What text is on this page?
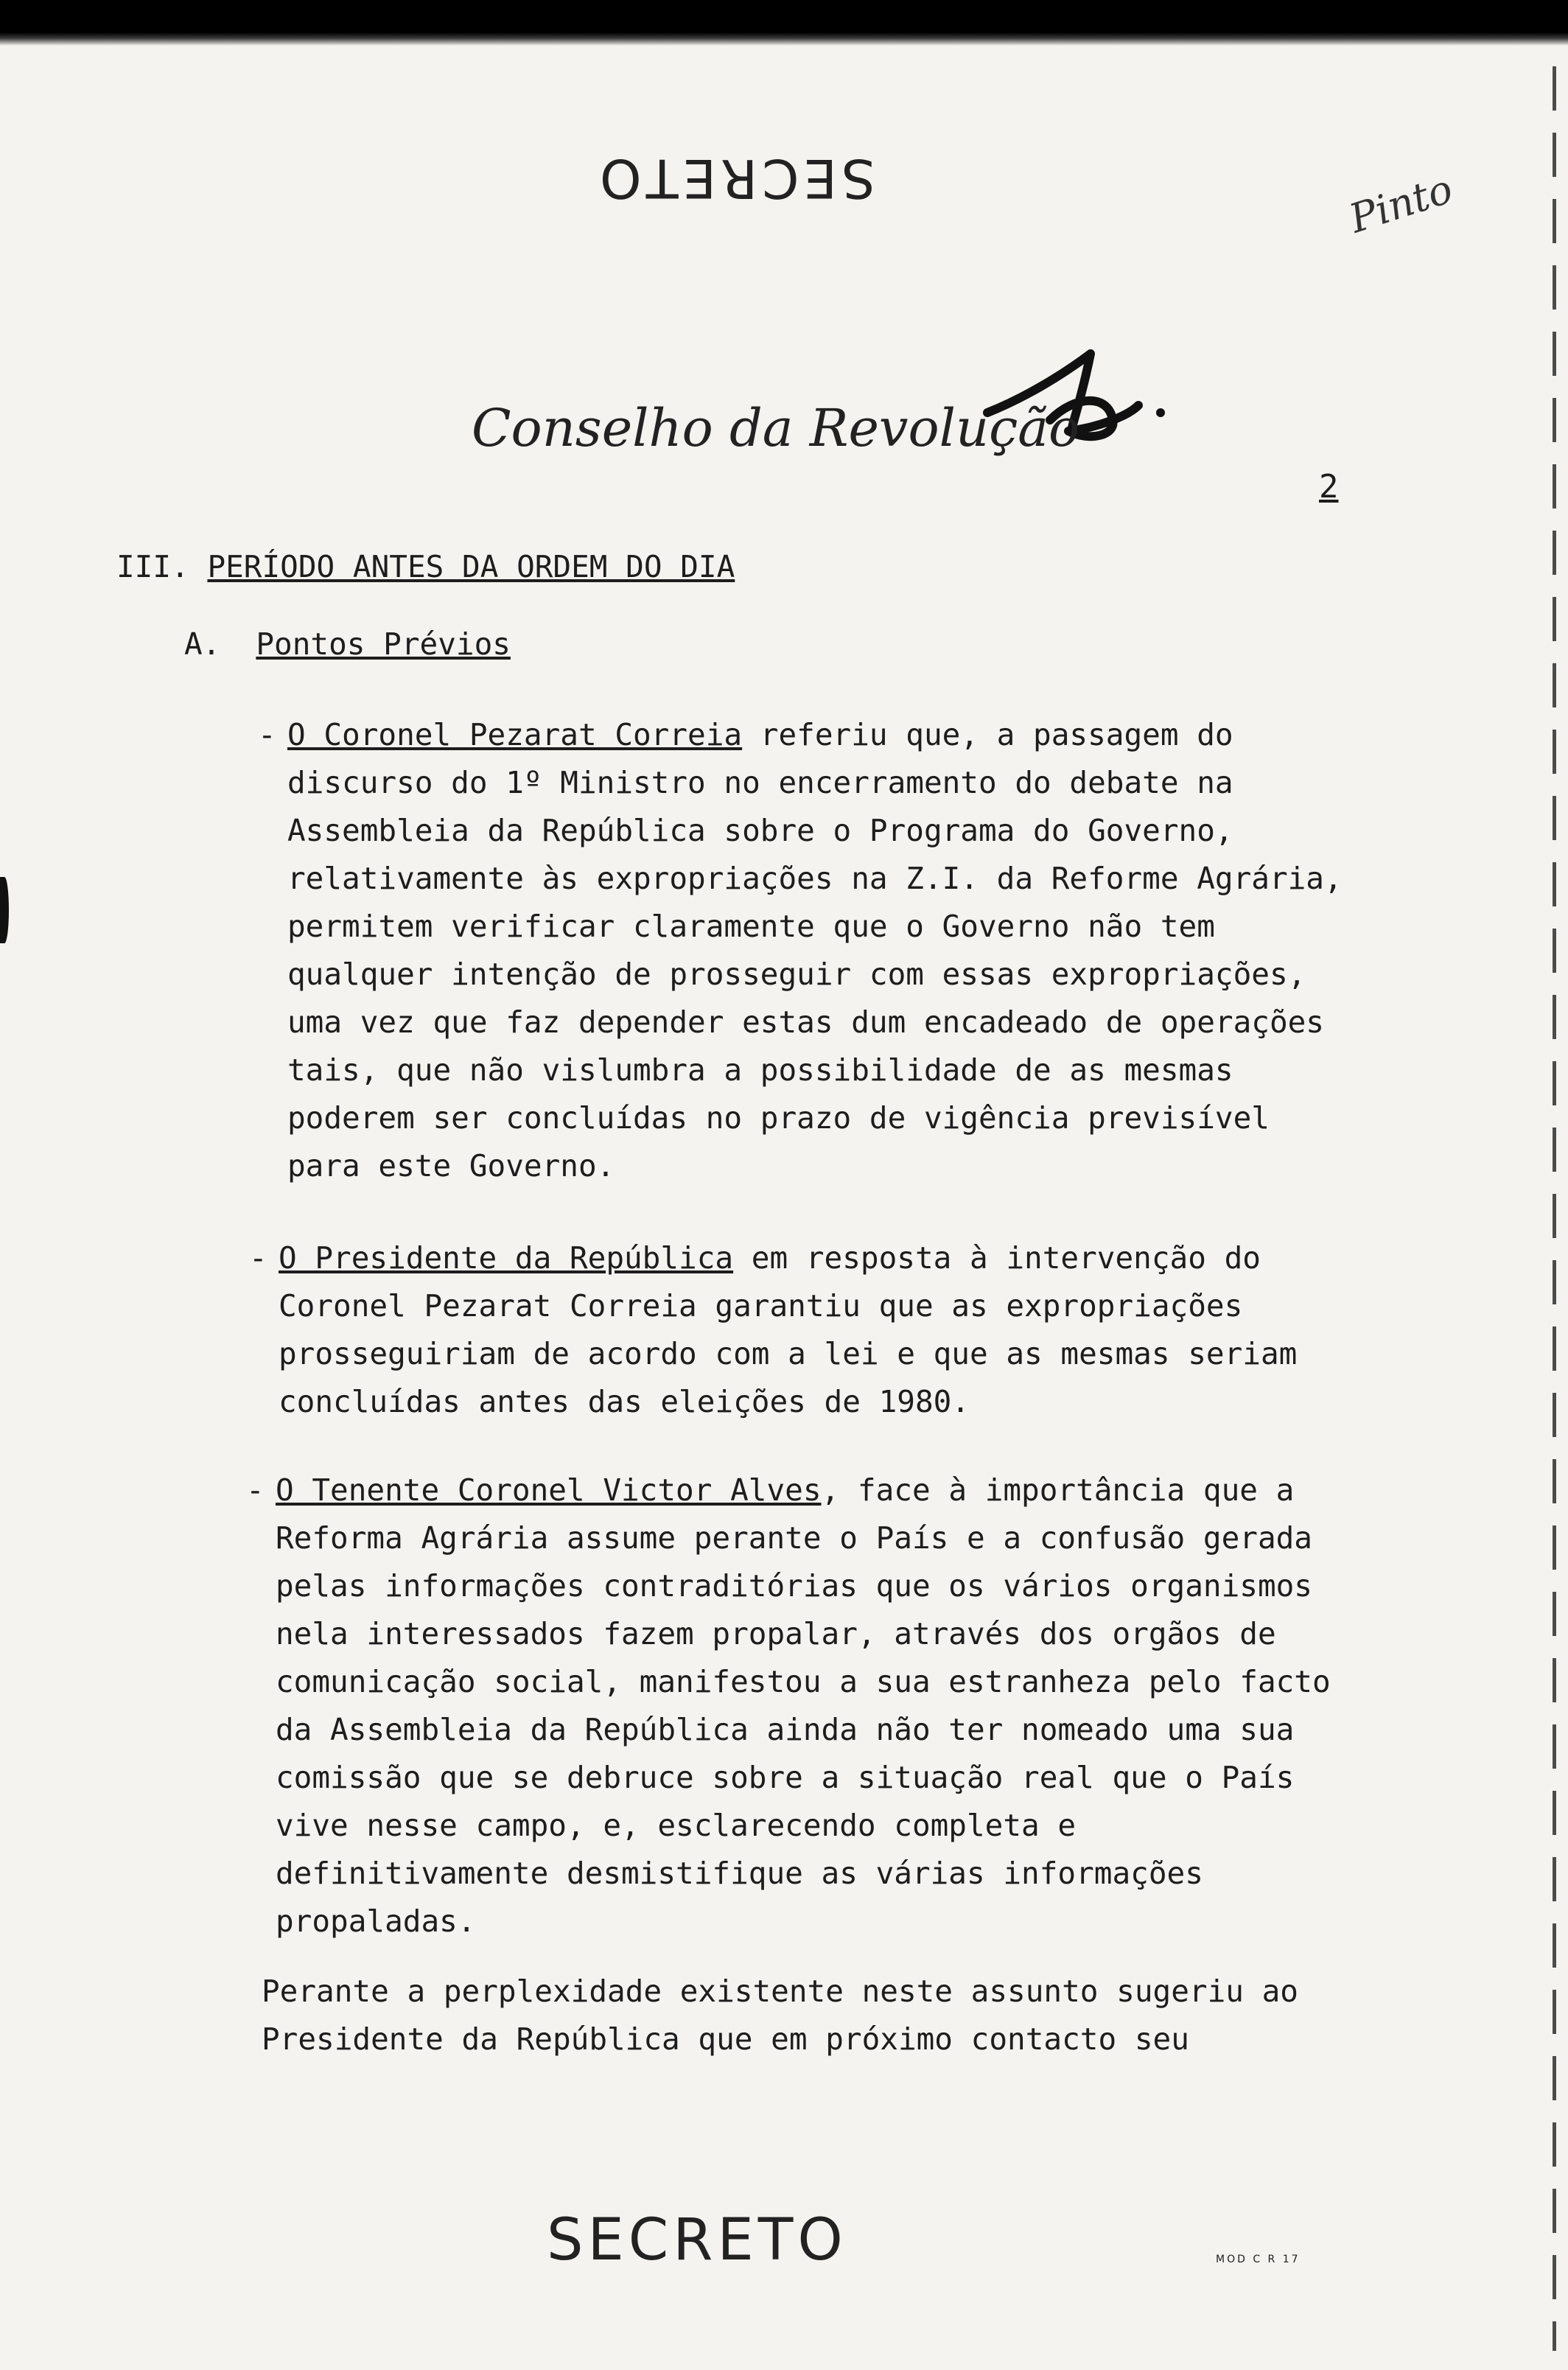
SECRETO	Pinto
Conselho da Revolução
2
III. PERÍODO ANTES DA ORDEM DO DIA
A. Pontos Prévios

- O Coronel Pezarat Correia referiu que, a passagem do discurso do 1º Ministro no encerramento do debate na Assembleia da República sobre o Programa do Governo, relativamente às expropriações na Z.I. da Reforme Agrária, permitem verificar claramente que o Governo não tem qualquer intenção de prosseguir com essas expropriações, uma vez que faz depender estas dum encadeado de operações tais, que não vislumbra a possibilidade de as mesmas poderem ser concluídas no prazo de vigência previsível para este Governo.

- O Presidente da República em resposta à intervenção do Coronel Pezarat Correia garantiu que as expropriações prosseguiriam de acordo com a lei e que as mesmas seriam concluídas antes das eleições de 1980.

- O Tenente Coronel Victor Alves, face à importância que a Reforma Agrária assume perante o País e a confusão gerada pelas informações contraditórias que os vários organismos nela interessados fazem propalar, através dos orgãos de comunicação social, manifestou a sua estranheza pelo facto da Assembleia da República ainda não ter nomeado uma sua comissão que se debruce sobre a situação real que o País vive nesse campo, e, esclarecendo completa e definitivamente desmistifique as várias informações propaladas.

Perante a perplexidade existente neste assunto sugeriu ao Presidente da República que em próximo contacto seu

SECRETO	MOD C R 17
